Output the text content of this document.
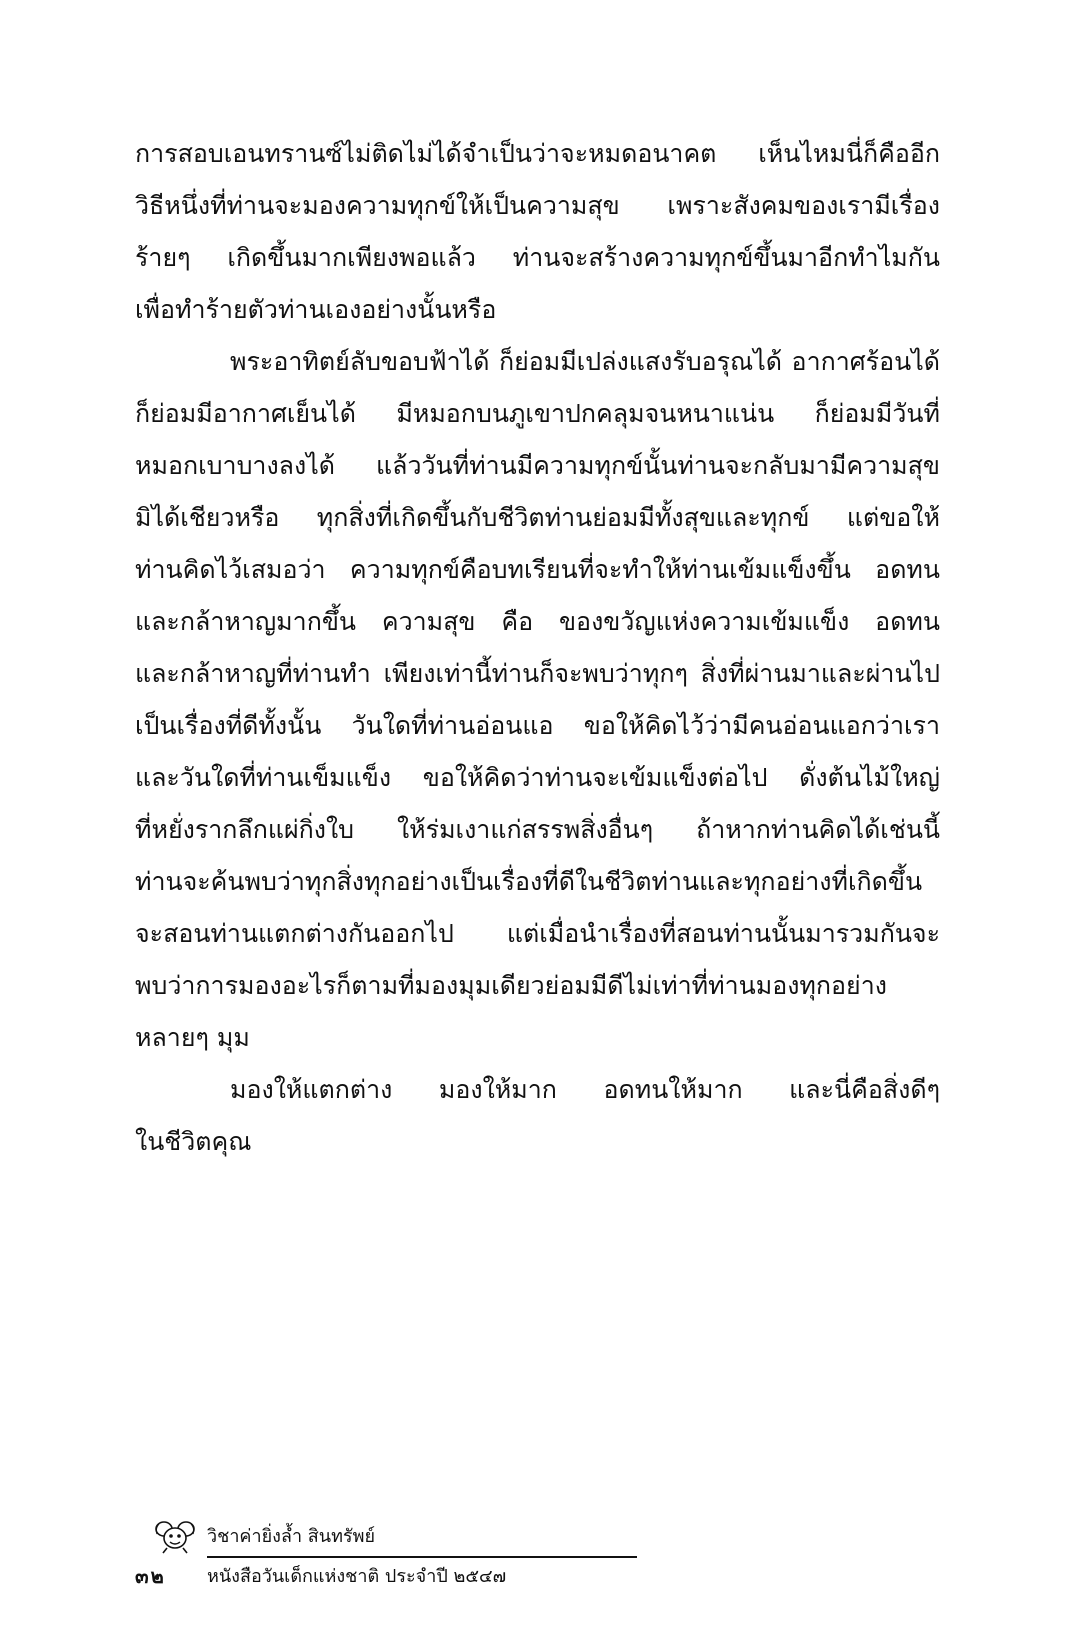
การสอบเอนทรานซ์ไม่ติดไม่ได้จำเป็นว่าจะหมดอนาคต เห็นไหมนี่ก็คืออีก
วิธีหนึ่งที่ท่านจะมองความทุกข์ให้เป็นความสุข เพราะสังคมของเรามีเรื่อง
ร้ายๆ เกิดขึ้นมากเพียงพอแล้ว ท่านจะสร้างความทุกข์ขึ้นมาอีกทำไมกัน
เพื่อทำร้ายตัวท่านเองอย่างนั้นหรือ
พระอาทิตย์ลับขอบฟ้าได้ ก็ย่อมมีเปล่งแสงรับอรุณได้ อากาศร้อนได้
ก็ย่อมมีอากาศเย็นได้ มีหมอกบนภูเขาปกคลุมจนหนาแน่น ก็ย่อมมีวันที่
หมอกเบาบางลงได้ แล้ววันที่ท่านมีความทุกข์นั้นท่านจะกลับมามีความสุข
มิได้เชียวหรือ ทุกสิ่งที่เกิดขึ้นกับชีวิตท่านย่อมมีทั้งสุขและทุกข์ แต่ขอให้
ท่านคิดไว้เสมอว่า ความทุกข์คือบทเรียนที่จะทำให้ท่านเข้มแข็งขึ้น อดทน
และกล้าหาญมากขึ้น ความสุข คือ ของขวัญแห่งความเข้มแข็ง อดทน
และกล้าหาญที่ท่านทำ เพียงเท่านี้ท่านก็จะพบว่าทุกๆ สิ่งที่ผ่านมาและผ่านไป
เป็นเรื่องที่ดีทั้งนั้น วันใดที่ท่านอ่อนแอ ขอให้คิดไว้ว่ามีคนอ่อนแอกว่าเรา
และวันใดที่ท่านเข็มแข็ง ขอให้คิดว่าท่านจะเข้มแข็งต่อไป ดั่งต้นไม้ใหญ่
ที่หยั่งรากลึกแผ่กิ่งใบ ให้ร่มเงาแก่สรรพสิ่งอื่นๆ ถ้าหากท่านคิดได้เช่นนี้
ท่านจะค้นพบว่าทุกสิ่งทุกอย่างเป็นเรื่องที่ดีในชีวิตท่านและทุกอย่างที่เกิดขึ้น
จะสอนท่านแตกต่างกันออกไป แต่เมื่อนำเรื่องที่สอนท่านนั้นมารวมกันจะ
พบว่าการมองอะไรก็ตามที่มองมุมเดียวย่อมมีดีไม่เท่าที่ท่านมองทุกอย่าง
หลายๆ มุม
มองให้แตกต่าง มองให้มาก อดทนให้มาก และนี่คือสิ่งดีๆ
ในชีวิตคุณ
วิชาค่ายิ่งล้ำ สินทรัพย์
๓๒ หนังสือวันเด็กแห่งชาติ ประจำปี ๒๕๔๗
